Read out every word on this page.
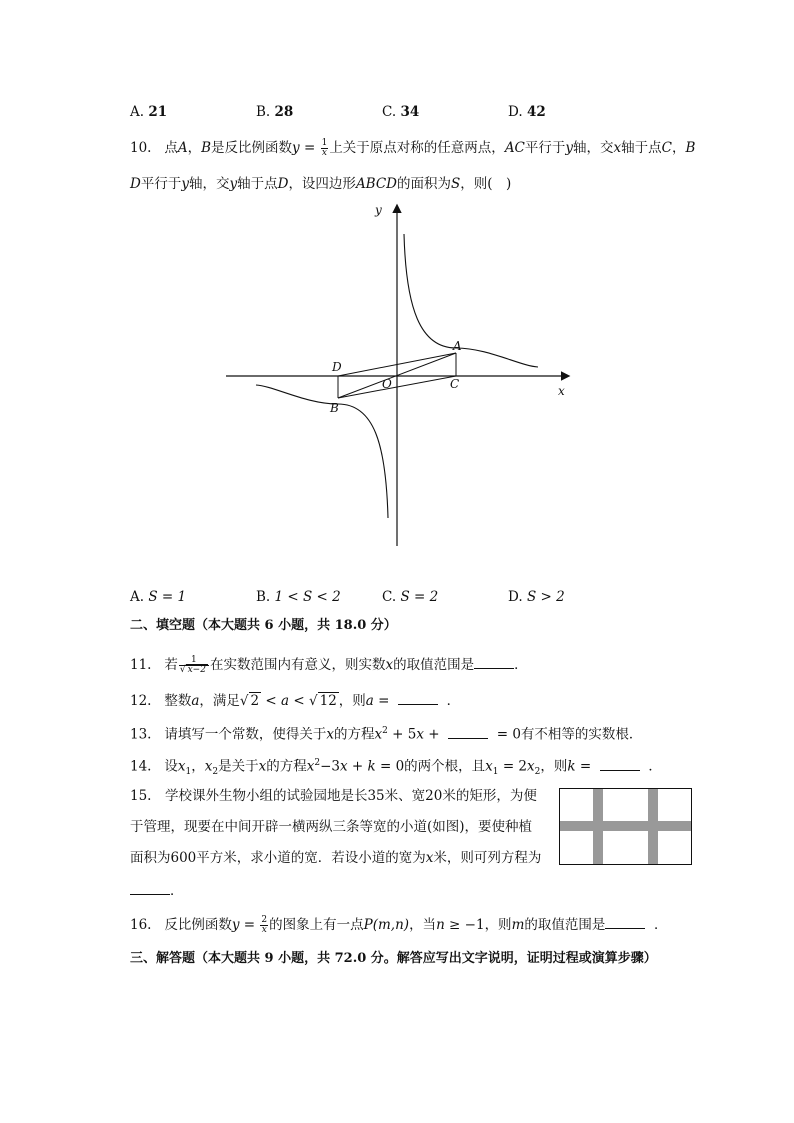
A. 21	B. 28	C. 34	D. 42
10. 点A，B是反比例函数$y = \frac{1}{x}$ 上关于原点对称的任意两点，AC平行于y轴，交x轴于点C，B
D平行于y轴，交y轴于点D，设四边形ABCD的面积为S，则(　)
y
x
A
B
C
D
O
A. S = 1	B. 1 < S < 2	C. S = 2	D. S > 2
二、填空题（本大题共 6 小题，共 18.0 分）
11. 若 $\frac{1}{√ x-2}$ 在实数范围内有意义，则实数x的取值范围是	．
12. 整数a，满足√ 2 < a < √ 12 ，则a =	．
13. 请填写一个常数，使得关于x的方程$x^2 + 5x$ +	= 0有不相等的实数根．
14. 设$x_1$，$x_2$是关于x的方程$x^2-3x + k = 0$的两个根，且$x_1 = 2x_2$，则k =	．
15.　学校课外生物小组的试验园地是长35米、宽20米的矩形，为便
于管理，现要在中间开辟一横两纵三条等宽的小道(如图)，要使种植
面积为600平方米，求小道的宽．若设小道的宽为x米，则可列方程为
．
16. 反比例函数$y = \frac{2}{x}$ 的图象上有一点P(m,n)，当n ≥ −1，则m的取值范围是	．
三、解答题（本大题共 9 小题，共 72.0 分。解答应写出文字说明，证明过程或演算步骤）
